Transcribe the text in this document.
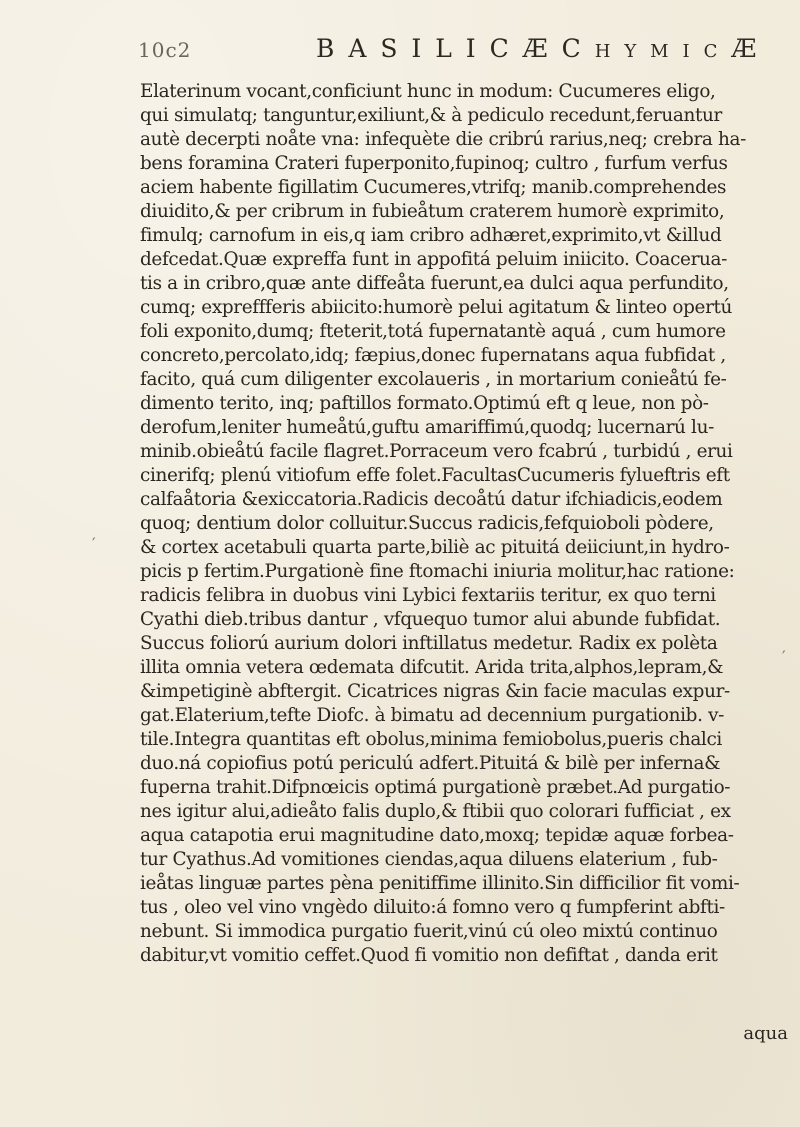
10c2	B A S I L I C Æ C h y m i c Æ
Elaterinum vocant,conficiunt hunc in modum: Cucumeres eligo,
qui simulatq; tanguntur,exiliunt,& à pediculo recedunt,feruantur
autè decerpti noåte vna: infequète die cribrú rarius,neq; crebra ha-
bens foramina Crateri fuperponito,fupinoq; cultro , furfum verfus
aciem habente figillatim Cucumeres,vtrifq; manib.comprehendes
diuidito,& per cribrum in fubieåtum craterem humorè exprimito,
fimulq; carnofum in eis,q iam cribro adhæret,exprimito,vt &illud
defcedat.Quæ expreffa funt in appofitá peluim iniicito. Coacerua-
tis a in cribro,quæ ante diffeåta fuerunt,ea dulci aqua perfundito,
cumq; expreffferis abiicito:humorè pelui agitatum & linteo opertú
foli exponito,dumq; fteterit,totá fupernatantè aquá , cum humore
concreto,percolato,idq; fæpius,donec fupernatans aqua fubfidat ,
facito, quá cum diligenter excolaueris , in mortarium conieåtú fe-
dimento terito, inq; paftillos formato.Optimú eft q leue, non pò-
derofum,leniter humeåtú,guftu amariffimú,quodq; lucernarú lu-
minib.obieåtú facile flagret.Porraceum vero fcabrú , turbidú , erui
cinerifq; plenú vitiofum effe folet.FacultasCucumeris fylueftris eft
calfaåtoria &exiccatoria.Radicis decoåtú datur ifchiadicis,eodem
quoq; dentium dolor colluitur.Succus radicis,fefquioboli pòdere,
& cortex acetabuli quarta parte,biliè ac pituitá deiiciunt,in hydro-
picis p fertim.Purgationè fine ftomachi iniuria molitur,hac ratione:
radicis felibra in duobus vini Lybici fextariis teritur, ex quo terni
Cyathi dieb.tribus dantur , vfquequo tumor alui abunde fubfidat.
Succus foliorú aurium dolori inftillatus medetur. Radix ex polèta
illita omnia vetera œdemata difcutit. Arida trita,alphos,lepram,&
&impetiginè abftergit. Cicatrices nigras &in facie maculas expur-
gat.Elaterium,tefte Diofc. à bimatu ad decennium purgationib. v-
tile.Integra quantitas eft obolus,minima femiobolus,pueris chalci
duo.ná copiofius potú periculú adfert.Pituitá & bilè per inferna&
fuperna trahit.Difpnœicis optimá purgationè præbet.Ad purgatio-
nes igitur alui,adieåto falis duplo,& ftibii quo colorari fufficiat , ex
aqua catapotia erui magnitudine dato,moxq; tepidæ aquæ forbea-
tur Cyathus.Ad vomitiones ciendas,aqua diluens elaterium , fub-
ieåtas linguæ partes pèna penitiffime illinito.Sin difficilior fit vomi-
tus , oleo vel vino vngèdo diluito:á fomno vero q fumpferint abfti-
nebunt. Si immodica purgatio fuerit,vinú cú oleo mixtú continuo
dabitur,vt vomitio ceffet.Quod fi vomitio non defiftat , danda erit
aqua
′
′
